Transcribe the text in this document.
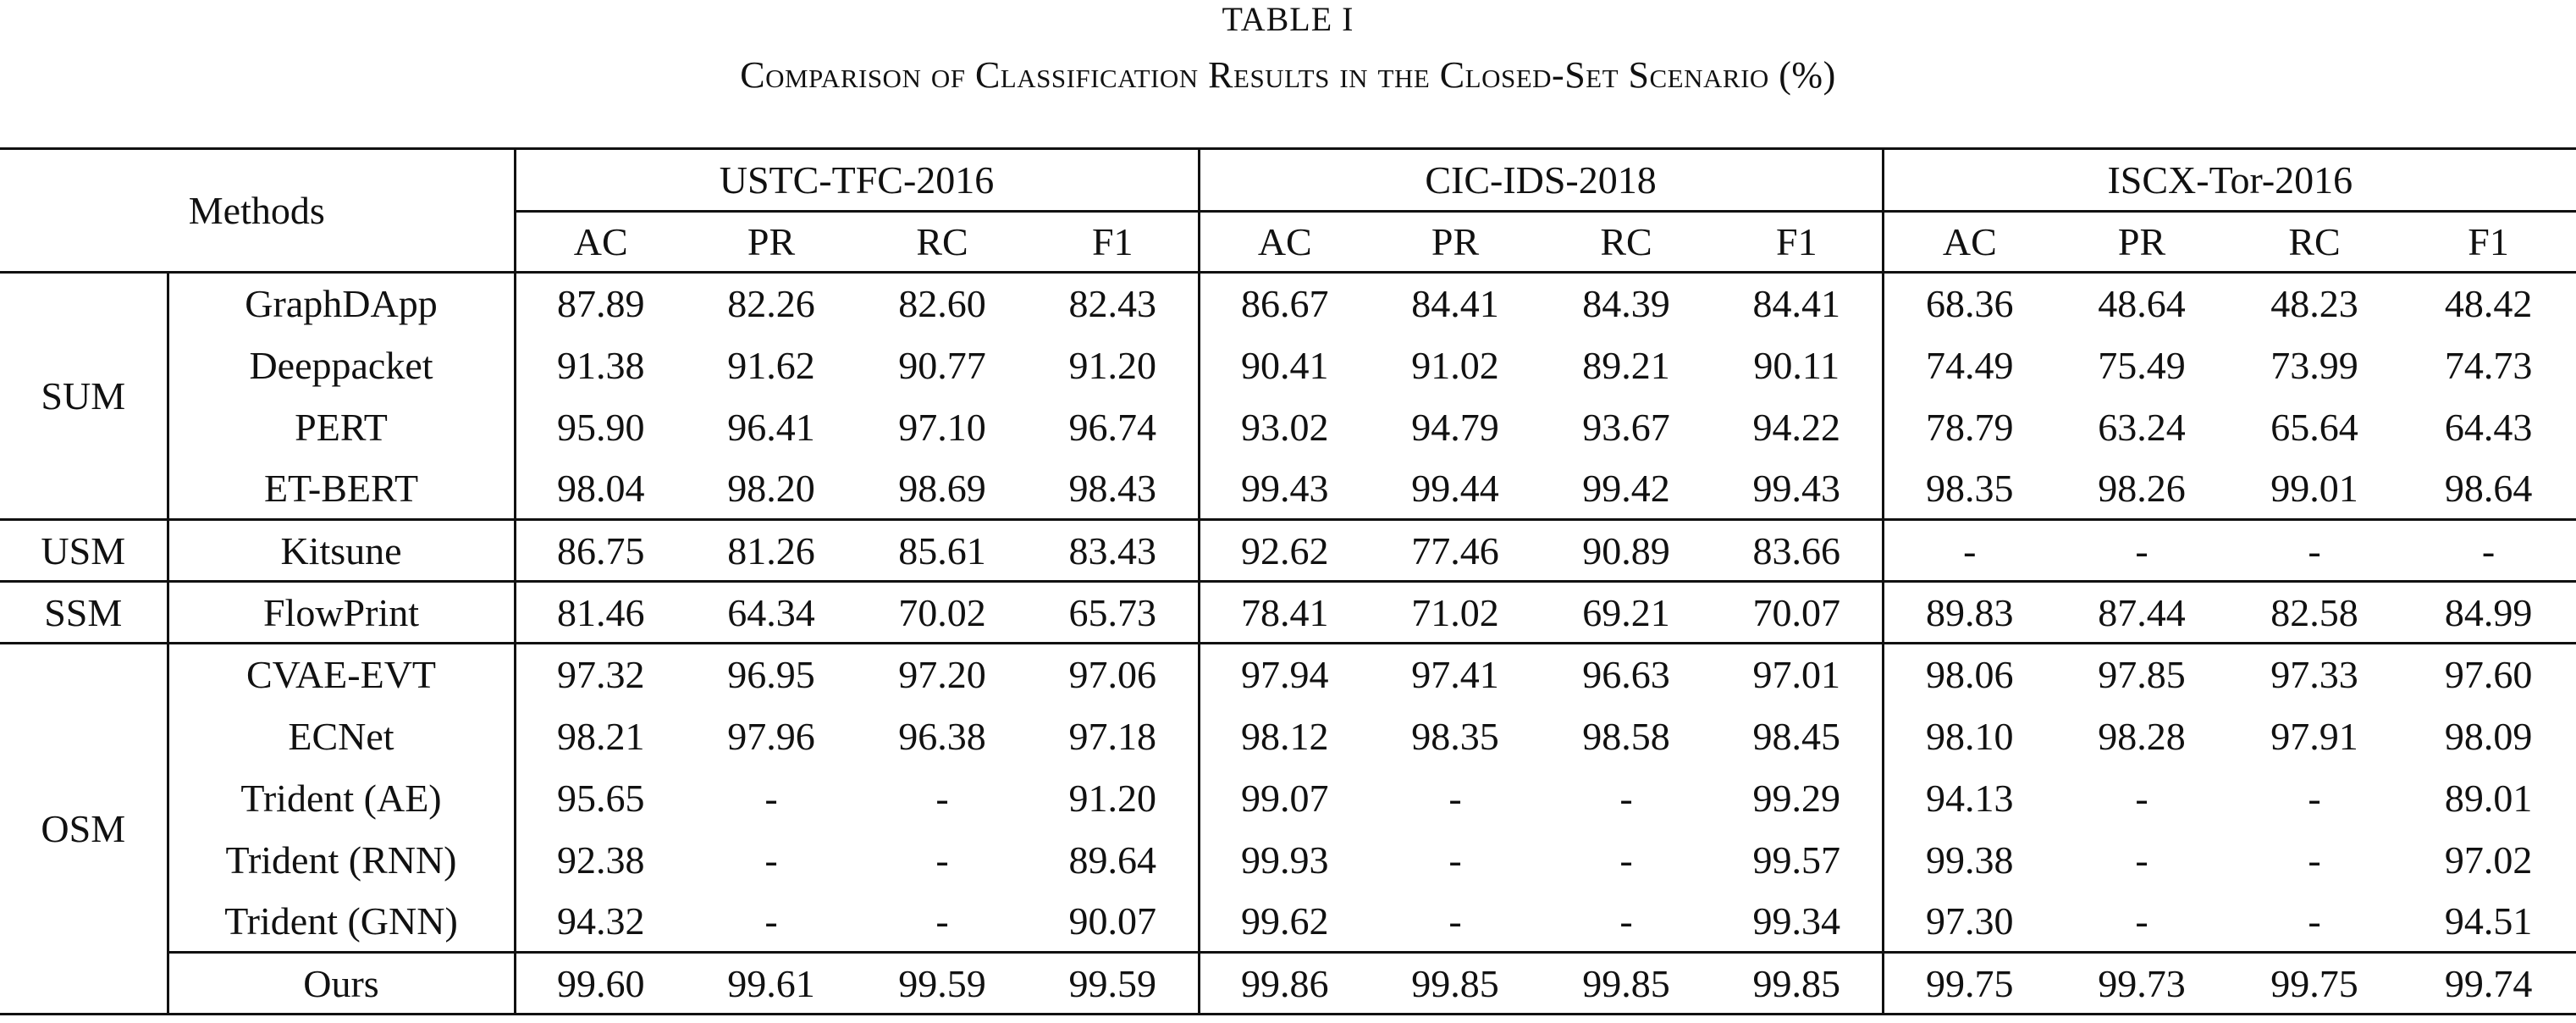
TABLE I
Comparison of Classification Results in the Closed-Set Scenario (%)
Methods		USTC-TFC-2016				CIC-IDS-2018				ISCX-Tor-2016			
		AC	PR	RC	F1	AC	PR	RC	F1	AC	PR	RC	F1
SUM	GraphDApp	87.89	82.26	82.60	82.43	86.67	84.41	84.39	84.41	68.36	48.64	48.23	48.42
	Deeppacket	91.38	91.62	90.77	91.20	90.41	91.02	89.21	90.11	74.49	75.49	73.99	74.73
	PERT	95.90	96.41	97.10	96.74	93.02	94.79	93.67	94.22	78.79	63.24	65.64	64.43
	ET-BERT	98.04	98.20	98.69	98.43	99.43	99.44	99.42	99.43	98.35	98.26	99.01	98.64
USM	Kitsune	86.75	81.26	85.61	83.43	92.62	77.46	90.89	83.66	-	-	-	-
SSM	FlowPrint	81.46	64.34	70.02	65.73	78.41	71.02	69.21	70.07	89.83	87.44	82.58	84.99
OSM	CVAE-EVT	97.32	96.95	97.20	97.06	97.94	97.41	96.63	97.01	98.06	97.85	97.33	97.60
	ECNet	98.21	97.96	96.38	97.18	98.12	98.35	98.58	98.45	98.10	98.28	97.91	98.09
	Trident (AE)	95.65	-	-	91.20	99.07	-	-	99.29	94.13	-	-	89.01
	Trident (RNN)	92.38	-	-	89.64	99.93	-	-	99.57	99.38	-	-	97.02
	Trident (GNN)	94.32	-	-	90.07	99.62	-	-	99.34	97.30	-	-	94.51
	Ours	99.60	99.61	99.59	99.59	99.86	99.85	99.85	99.85	99.75	99.73	99.75	99.74
